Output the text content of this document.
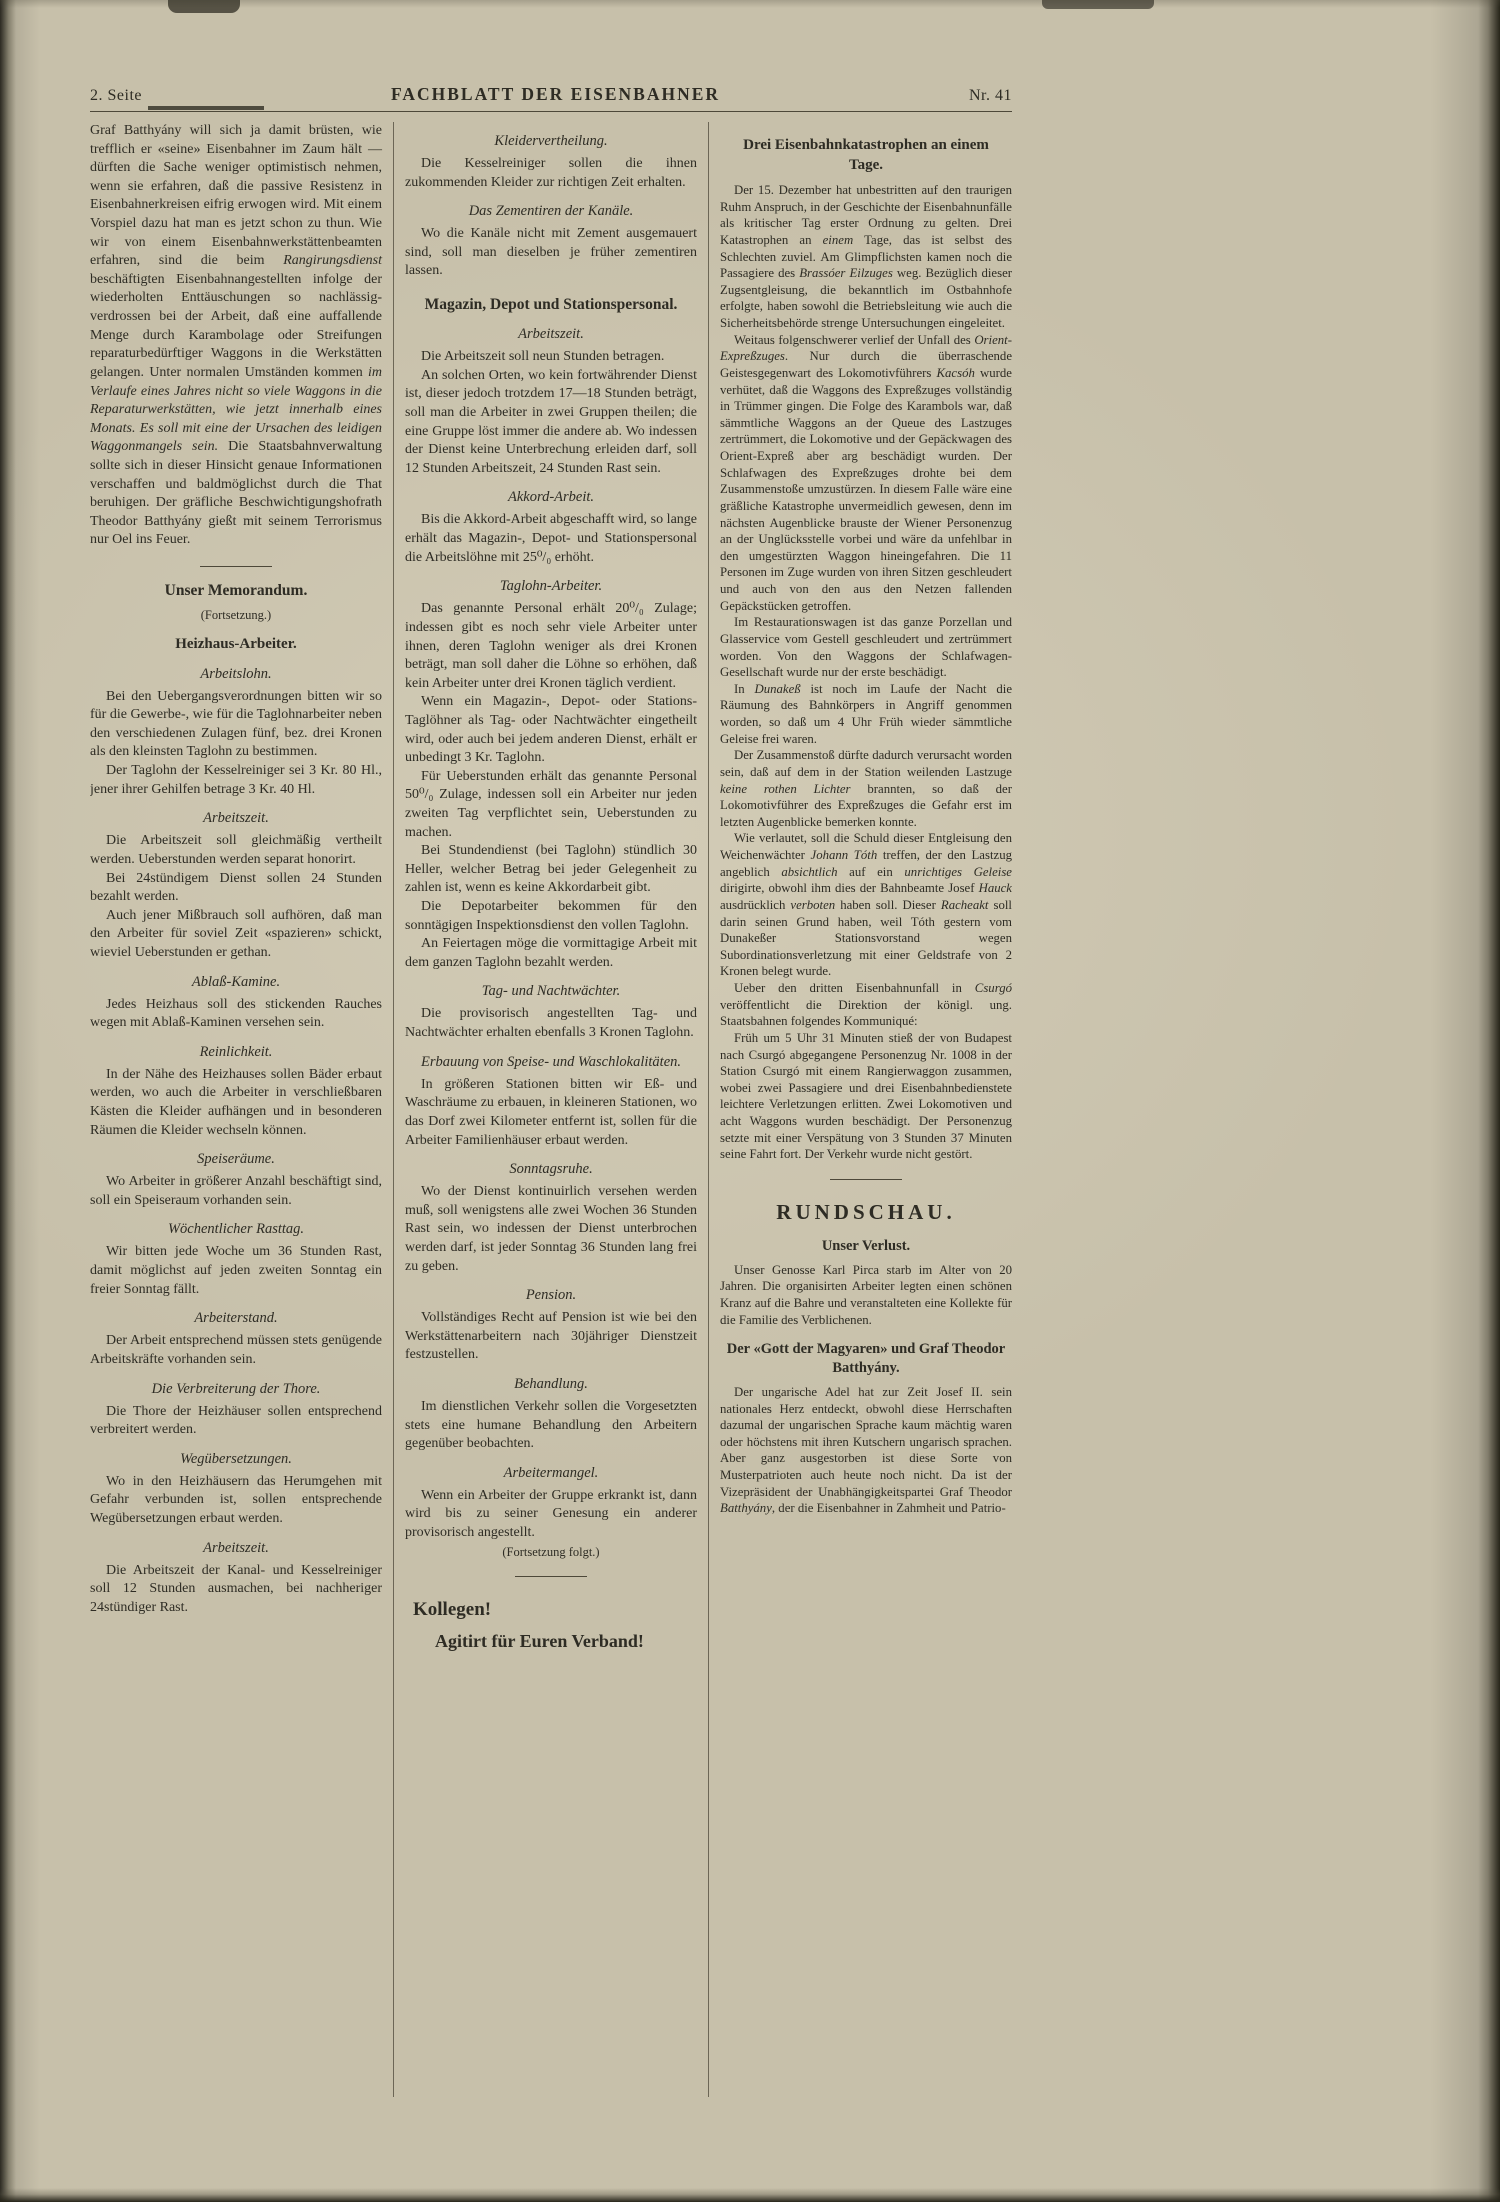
2. Seite	FACHBLATT DER EISENBAHNER	Nr. 41

Graf Batthyány will sich ja damit brüsten, wie trefflich er «seine» Eisenbahner im Zaum hält — dürften die Sache weniger optimistisch nehmen, wenn sie erfahren, daß die passive Resistenz in Eisenbahnerkreisen eifrig erwogen wird. Mit einem Vorspiel dazu hat man es jetzt schon zu thun. Wie wir von einem Eisenbahnwerkstättenbeamten erfahren, sind die beim Rangirungsdienst beschäftigten Eisenbahnangestellten infolge der wiederholten Enttäuschungen so nachlässig-verdrossen bei der Arbeit, daß eine auffallende Menge durch Karambolage oder Streifungen reparaturbedürftiger Waggons in die Werkstätten gelangen. Unter normalen Umständen kommen im Verlaufe eines Jahres nicht so viele Waggons in die Reparaturwerkstätten, wie jetzt innerhalb eines Monats. Es soll mit eine der Ursachen des leidigen Waggonmangels sein. Die Staatsbahnverwaltung sollte sich in dieser Hinsicht genaue Informationen verschaffen und baldmöglichst durch die That beruhigen. Der gräfliche Beschwichtigungshofrath Theodor Batthyány gießt mit seinem Terrorismus nur Oel ins Feuer.

Unser Memorandum.
(Fortsetzung.)
Heizhaus-Arbeiter.
Arbeitslohn.

Bei den Uebergangsverordnungen bitten wir so für die Gewerbe-, wie für die Taglohnarbeiter neben den verschiedenen Zulagen fünf, bez. drei Kronen als den kleinsten Taglohn zu bestimmen.

Der Taglohn der Kesselreiniger sei 3 Kr. 80 Hl., jener ihrer Gehilfen betrage 3 Kr. 40 Hl.

Arbeitszeit.

Die Arbeitszeit soll gleichmäßig vertheilt werden. Ueberstunden werden separat honorirt.

Bei 24stündigem Dienst sollen 24 Stunden bezahlt werden.

Auch jener Mißbrauch soll aufhören, daß man den Arbeiter für soviel Zeit «spazieren» schickt, wieviel Ueberstunden er gethan.

Ablaß-Kamine.

Jedes Heizhaus soll des stickenden Rauches wegen mit Ablaß-Kaminen versehen sein.

Reinlichkeit.

In der Nähe des Heizhauses sollen Bäder erbaut werden, wo auch die Arbeiter in verschließbaren Kästen die Kleider aufhängen und in besonderen Räumen die Kleider wechseln können.

Speiseräume.

Wo Arbeiter in größerer Anzahl beschäftigt sind, soll ein Speiseraum vorhanden sein.

Wöchentlicher Rasttag.

Wir bitten jede Woche um 36 Stunden Rast, damit möglichst auf jeden zweiten Sonntag ein freier Sonntag fällt.

Arbeiterstand.

Der Arbeit entsprechend müssen stets genügende Arbeitskräfte vorhanden sein.

Die Verbreiterung der Thore.

Die Thore der Heizhäuser sollen entsprechend verbreitert werden.

Wegübersetzungen.

Wo in den Heizhäusern das Herumgehen mit Gefahr verbunden ist, sollen entsprechende Wegübersetzungen erbaut werden.

Arbeitszeit.

Die Arbeitszeit der Kanal- und Kesselreiniger soll 12 Stunden ausmachen, bei nachheriger 24stündiger Rast.

Kleidervertheilung.

Die Kesselreiniger sollen die ihnen zukommenden Kleider zur richtigen Zeit erhalten.

Das Zementiren der Kanäle.

Wo die Kanäle nicht mit Zement ausgemauert sind, soll man dieselben je früher zementiren lassen.

Magazin, Depot und Stationspersonal.
Arbeitszeit.

Die Arbeitszeit soll neun Stunden betragen.

An solchen Orten, wo kein fortwährender Dienst ist, dieser jedoch trotzdem 17—18 Stunden beträgt, soll man die Arbeiter in zwei Gruppen theilen; die eine Gruppe löst immer die andere ab. Wo indessen der Dienst keine Unterbrechung erleiden darf, soll 12 Stunden Arbeitszeit, 24 Stunden Rast sein.

Akkord-Arbeit.

Bis die Akkord-Arbeit abgeschafft wird, so lange erhält das Magazin-, Depot- und Stationspersonal die Arbeitslöhne mit 25⁰/₀ erhöht.

Taglohn-Arbeiter.

Das genannte Personal erhält 20⁰/₀ Zulage; indessen gibt es noch sehr viele Arbeiter unter ihnen, deren Taglohn weniger als drei Kronen beträgt, man soll daher die Löhne so erhöhen, daß kein Arbeiter unter drei Kronen täglich verdient.

Wenn ein Magazin-, Depot- oder Stations-Taglöhner als Tag- oder Nachtwächter eingetheilt wird, oder auch bei jedem anderen Dienst, erhält er unbedingt 3 Kr. Taglohn.

Für Ueberstunden erhält das genannte Personal 50⁰/₀ Zulage, indessen soll ein Arbeiter nur jeden zweiten Tag verpflichtet sein, Ueberstunden zu machen.

Bei Stundendienst (bei Taglohn) stündlich 30 Heller, welcher Betrag bei jeder Gelegenheit zu zahlen ist, wenn es keine Akkordarbeit gibt.

Die Depotarbeiter bekommen für den sonntägigen Inspektionsdienst den vollen Taglohn.

An Feiertagen möge die vormittagige Arbeit mit dem ganzen Taglohn bezahlt werden.

Tag- und Nachtwächter.

Die provisorisch angestellten Tag- und Nachtwächter erhalten ebenfalls 3 Kronen Taglohn.

Erbauung von Speise- und Waschlokalitäten.

In größeren Stationen bitten wir Eß- und Waschräume zu erbauen, in kleineren Stationen, wo das Dorf zwei Kilometer entfernt ist, sollen für die Arbeiter Familienhäuser erbaut werden.

Sonntagsruhe.

Wo der Dienst kontinuirlich versehen werden muß, soll wenigstens alle zwei Wochen 36 Stunden Rast sein, wo indessen der Dienst unterbrochen werden darf, ist jeder Sonntag 36 Stunden lang frei zu geben.

Pension.

Vollständiges Recht auf Pension ist wie bei den Werkstättenarbeitern nach 30jähriger Dienstzeit festzustellen.

Behandlung.

Im dienstlichen Verkehr sollen die Vorgesetzten stets eine humane Behandlung den Arbeitern gegenüber beobachten.

Arbeitermangel.

Wenn ein Arbeiter der Gruppe erkrankt ist, dann wird bis zu seiner Genesung ein anderer provisorisch angestellt.

(Fortsetzung folgt.)

Kollegen!

Agitirt für Euren Verband!

Drei Eisenbahnkatastrophen an einem Tage.

Der 15. Dezember hat unbestritten auf den traurigen Ruhm Anspruch, in der Geschichte der Eisenbahnunfälle als kritischer Tag erster Ordnung zu gelten. Drei Katastrophen an einem Tage, das ist selbst des Schlechten zuviel. Am Glimpflichsten kamen noch die Passagiere des Brassóer Eilzuges weg. Bezüglich dieser Zugsentgleisung, die bekanntlich im Ostbahnhofe erfolgte, haben sowohl die Betriebsleitung wie auch die Sicherheitsbehörde strenge Untersuchungen eingeleitet.

Weitaus folgenschwerer verlief der Unfall des Orient-Expreßzuges. Nur durch die überraschende Geistesgegenwart des Lokomotivführers Kacsóh wurde verhütet, daß die Waggons des Expreßzuges vollständig in Trümmer gingen. Die Folge des Karambols war, daß sämmtliche Waggons an der Queue des Lastzuges zertrümmert, die Lokomotive und der Gepäckwagen des Orient-Expreß aber arg beschädigt wurden. Der Schlafwagen des Expreßzuges drohte bei dem Zusammenstoße umzustürzen. In diesem Falle wäre eine gräßliche Katastrophe unvermeidlich gewesen, denn im nächsten Augenblicke brauste der Wiener Personenzug an der Unglücksstelle vorbei und wäre da unfehlbar in den umgestürzten Waggon hineingefahren. Die 11 Personen im Zuge wurden von ihren Sitzen geschleudert und auch von den aus den Netzen fallenden Gepäckstücken getroffen.

Im Restaurationswagen ist das ganze Porzellan und Glasservice vom Gestell geschleudert und zertrümmert worden. Von den Waggons der Schlafwagen-Gesellschaft wurde nur der erste beschädigt.

In Dunakeß ist noch im Laufe der Nacht die Räumung des Bahnkörpers in Angriff genommen worden, so daß um 4 Uhr Früh wieder sämmtliche Geleise frei waren.

Der Zusammenstoß dürfte dadurch verursacht worden sein, daß auf dem in der Station weilenden Lastzuge keine rothen Lichter brannten, so daß der Lokomotivführer des Expreßzuges die Gefahr erst im letzten Augenblicke bemerken konnte.

Wie verlautet, soll die Schuld dieser Entgleisung den Weichenwächter Johann Tóth treffen, der den Lastzug angeblich absichtlich auf ein unrichtiges Geleise dirigirte, obwohl ihm dies der Bahnbeamte Josef Hauck ausdrücklich verboten haben soll. Dieser Racheakt soll darin seinen Grund haben, weil Tóth gestern vom Dunakeßer Stationsvorstand wegen Subordinationsverletzung mit einer Geldstrafe von 2 Kronen belegt wurde.

Ueber den dritten Eisenbahnunfall in Csurgó veröffentlicht die Direktion der königl. ung. Staatsbahnen folgendes Kommuniqué:

Früh um 5 Uhr 31 Minuten stieß der von Budapest nach Csurgó abgegangene Personenzug Nr. 1008 in der Station Csurgó mit einem Rangierwaggon zusammen, wobei zwei Passagiere und drei Eisenbahnbedienstete leichtere Verletzungen erlitten. Zwei Lokomotiven und acht Waggons wurden beschädigt. Der Personenzug setzte mit einer Verspätung von 3 Stunden 37 Minuten seine Fahrt fort. Der Verkehr wurde nicht gestört.

RUNDSCHAU.
Unser Verlust.

Unser Genosse Karl Pirca starb im Alter von 20 Jahren. Die organisirten Arbeiter legten einen schönen Kranz auf die Bahre und veranstalteten eine Kollekte für die Familie des Verblichenen.

Der «Gott der Magyaren» und Graf Theodor Batthyány.

Der ungarische Adel hat zur Zeit Josef II. sein nationales Herz entdeckt, obwohl diese Herrschaften dazumal der ungarischen Sprache kaum mächtig waren oder höchstens mit ihren Kutschern ungarisch sprachen. Aber ganz ausgestorben ist diese Sorte von Musterpatrioten auch heute noch nicht. Da ist der Vizepräsident der Unabhängigkeitspartei Graf Theodor Batthyány, der die Eisenbahner in Zahmheit und Patrio-
